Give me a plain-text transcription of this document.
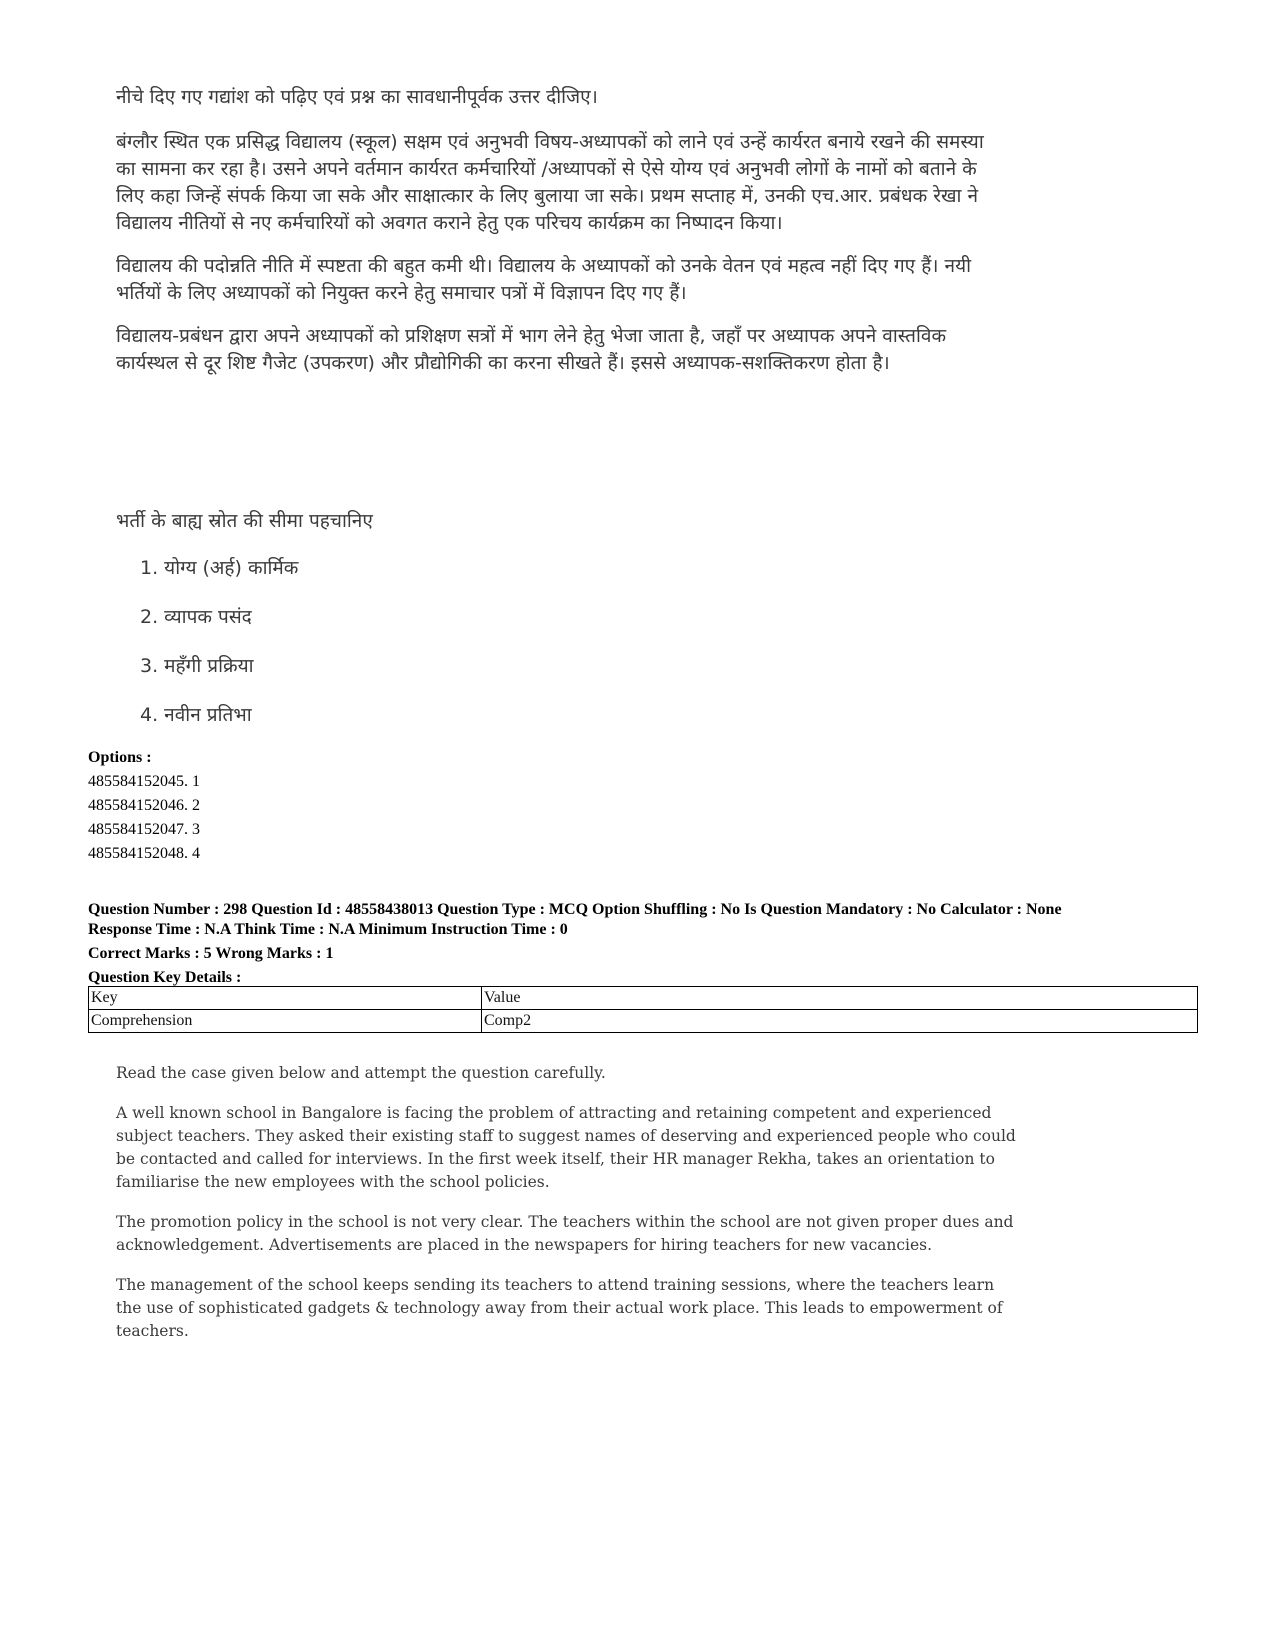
नीचे दिए गए गद्यांश को पढ़िए एवं प्रश्न का सावधानीपूर्वक उत्तर दीजिए।

बंग्लौर स्थित एक प्रसिद्ध विद्यालय (स्कूल) सक्षम एवं अनुभवी विषय-अध्यापकों को लाने एवं उन्हें कार्यरत बनाये रखने की समस्या का सामना कर रहा है। उसने अपने वर्तमान कार्यरत कर्मचारियों /अध्यापकों से ऐसे योग्य एवं अनुभवी लोगों के नामों को बताने के लिए कहा जिन्हें संपर्क किया जा सके और साक्षात्कार के लिए बुलाया जा सके। प्रथम सप्ताह में, उनकी एच.आर. प्रबंधक रेखा ने विद्यालय नीतियों से नए कर्मचारियों को अवगत कराने हेतु एक परिचय कार्यक्रम का निष्पादन किया।

विद्यालय की पदोन्नति नीति में स्पष्टता की बहुत कमी थी। विद्यालय के अध्यापकों को उनके वेतन एवं महत्व नहीं दिए गए हैं। नयी भर्तियों के लिए अध्यापकों को नियुक्त करने हेतु समाचार पत्रों में विज्ञापन दिए गए हैं।

विद्यालय-प्रबंधन द्वारा अपने अध्यापकों को प्रशिक्षण सत्रों में भाग लेने हेतु भेजा जाता है, जहाँ पर अध्यापक अपने वास्तविक कार्यस्थल से दूर शिष्ट गैजेट (उपकरण) और प्रौद्योगिकी का करना सीखते हैं। इससे अध्यापक-सशक्तिकरण होता है।

भर्ती के बाह्य स्रोत की सीमा पहचानिए
1. योग्य (अर्ह) कार्मिक
2. व्यापक पसंद
3. महँगी प्रक्रिया
4. नवीन प्रतिभा
Options :
485584152045. 1
485584152046. 2
485584152047. 3
485584152048. 4
Question Number : 298 Question Id : 48558438013 Question Type : MCQ Option Shuffling : No Is Question Mandatory : No Calculator : None
Response Time : N.A Think Time : N.A Minimum Instruction Time : 0
Correct Marks : 5 Wrong Marks : 1
Question Key Details :
Key	Value
Comprehension	Comp2

Read the case given below and attempt the question carefully.

A well known school in Bangalore is facing the problem of attracting and retaining competent and experienced subject teachers. They asked their existing staff to suggest names of deserving and experienced people who could be contacted and called for interviews. In the first week itself, their HR manager Rekha, takes an orientation to familiarise the new employees with the school policies.

The promotion policy in the school is not very clear. The teachers within the school are not given proper dues and acknowledgement. Advertisements are placed in the newspapers for hiring teachers for new vacancies.

The management of the school keeps sending its teachers to attend training sessions, where the teachers learn the use of sophisticated gadgets & technology away from their actual work place. This leads to empowerment of teachers.
